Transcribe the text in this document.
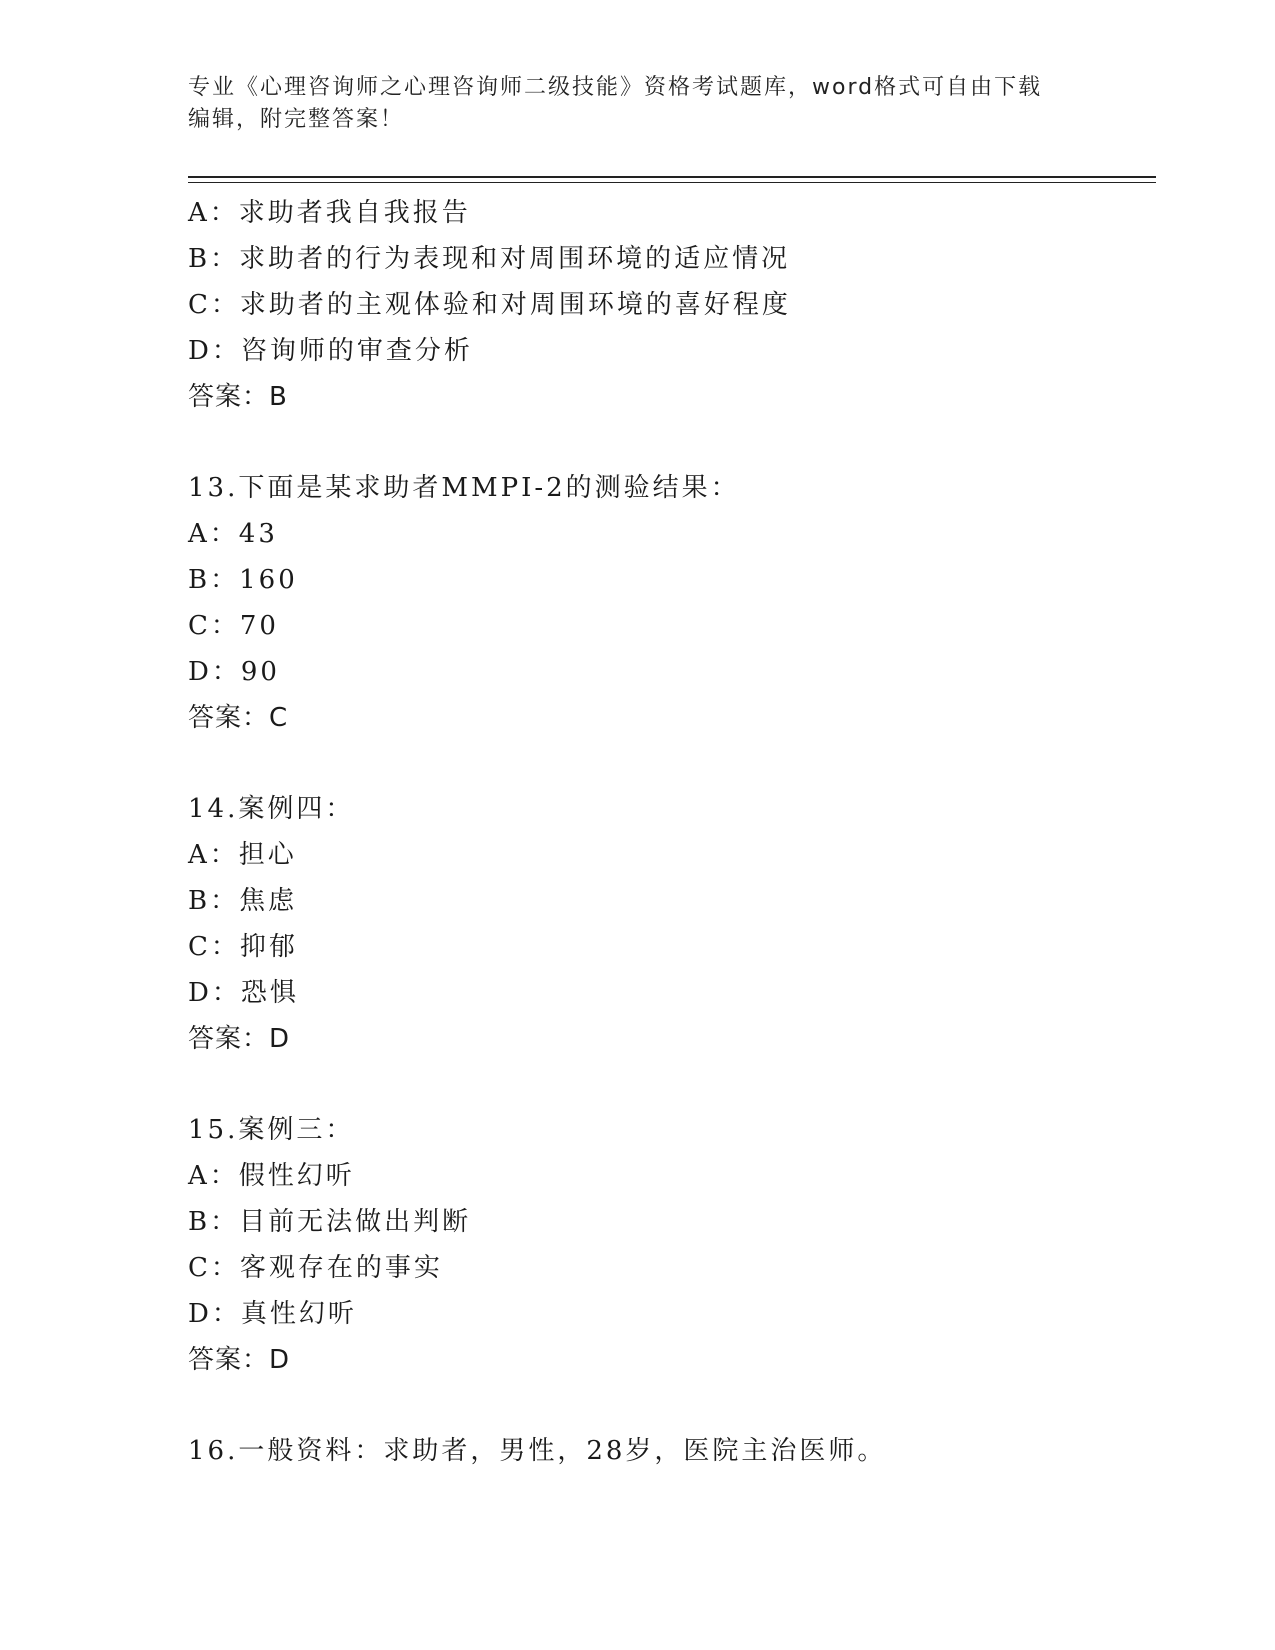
专业《心理咨询师之心理咨询师二级技能》资格考试题库，word格式可自由下载
编辑，附完整答案！
A：求助者我自我报告
B：求助者的行为表现和对周围环境的适应情况
C：求助者的主观体验和对周围环境的喜好程度
D：咨询师的审查分析
答案：B
13.下面是某求助者MMPI-2的测验结果：
A：43
B：160
C：70
D：90
答案：C
14.案例四：
A：担心
B：焦虑
C：抑郁
D：恐惧
答案：D
15.案例三：
A：假性幻听
B：目前无法做出判断
C：客观存在的事实
D：真性幻听
答案：D
16.一般资料：求助者，男性，28岁，医院主治医师。
